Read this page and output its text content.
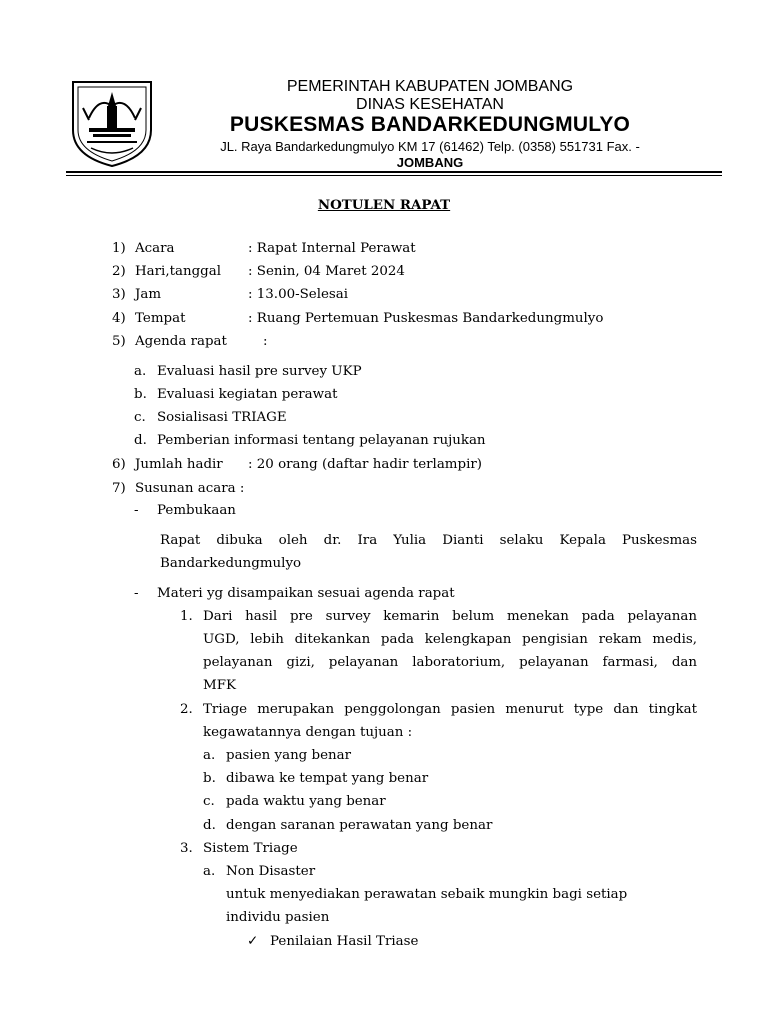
PEMERINTAH KABUPATEN JOMBANG
DINAS KESEHATAN
PUSKESMAS BANDARKEDUNGMULYO
JL. Raya Bandarkedungmulyo KM 17 (61462) Telp. (0358) 551731 Fax. -
JOMBANG
NOTULEN RAPAT
1) Acara	: Rapat Internal Perawat
2) Hari,tanggal : Senin, 04 Maret 2024
3) Jam	: 13.00-Selesai
4) Tempat	: Ruang Pertemuan Puskesmas Bandarkedungmulyo
5) Agenda rapat	:
a. Evaluasi hasil pre survey UKP
b. Evaluasi kegiatan perawat
c. Sosialisasi TRIAGE
d. Pemberian informasi tentang pelayanan rujukan
6) Jumlah hadir : 20 orang (daftar hadir terlampir)
7) Susunan acara :
- Pembukaan
Rapat dibuka oleh dr. Ira Yulia Dianti selaku Kepala Puskesmas
Bandarkedungmulyo
- Materi yg disampaikan sesuai agenda rapat
1. Dari hasil pre survey kemarin belum menekan pada pelayanan
UGD, lebih ditekankan pada kelengkapan pengisian rekam medis,
pelayanan gizi, pelayanan laboratorium, pelayanan farmasi, dan
MFK
2. Triage merupakan penggolongan pasien menurut type dan tingkat
kegawatannya dengan tujuan :
a. pasien yang benar
b. dibawa ke tempat yang benar
c. pada waktu yang benar
d. dengan saranan perawatan yang benar
3. Sistem Triage
a. Non Disaster
untuk menyediakan perawatan sebaik mungkin bagi setiap
individu pasien
✓ Penilaian Hasil Triase
